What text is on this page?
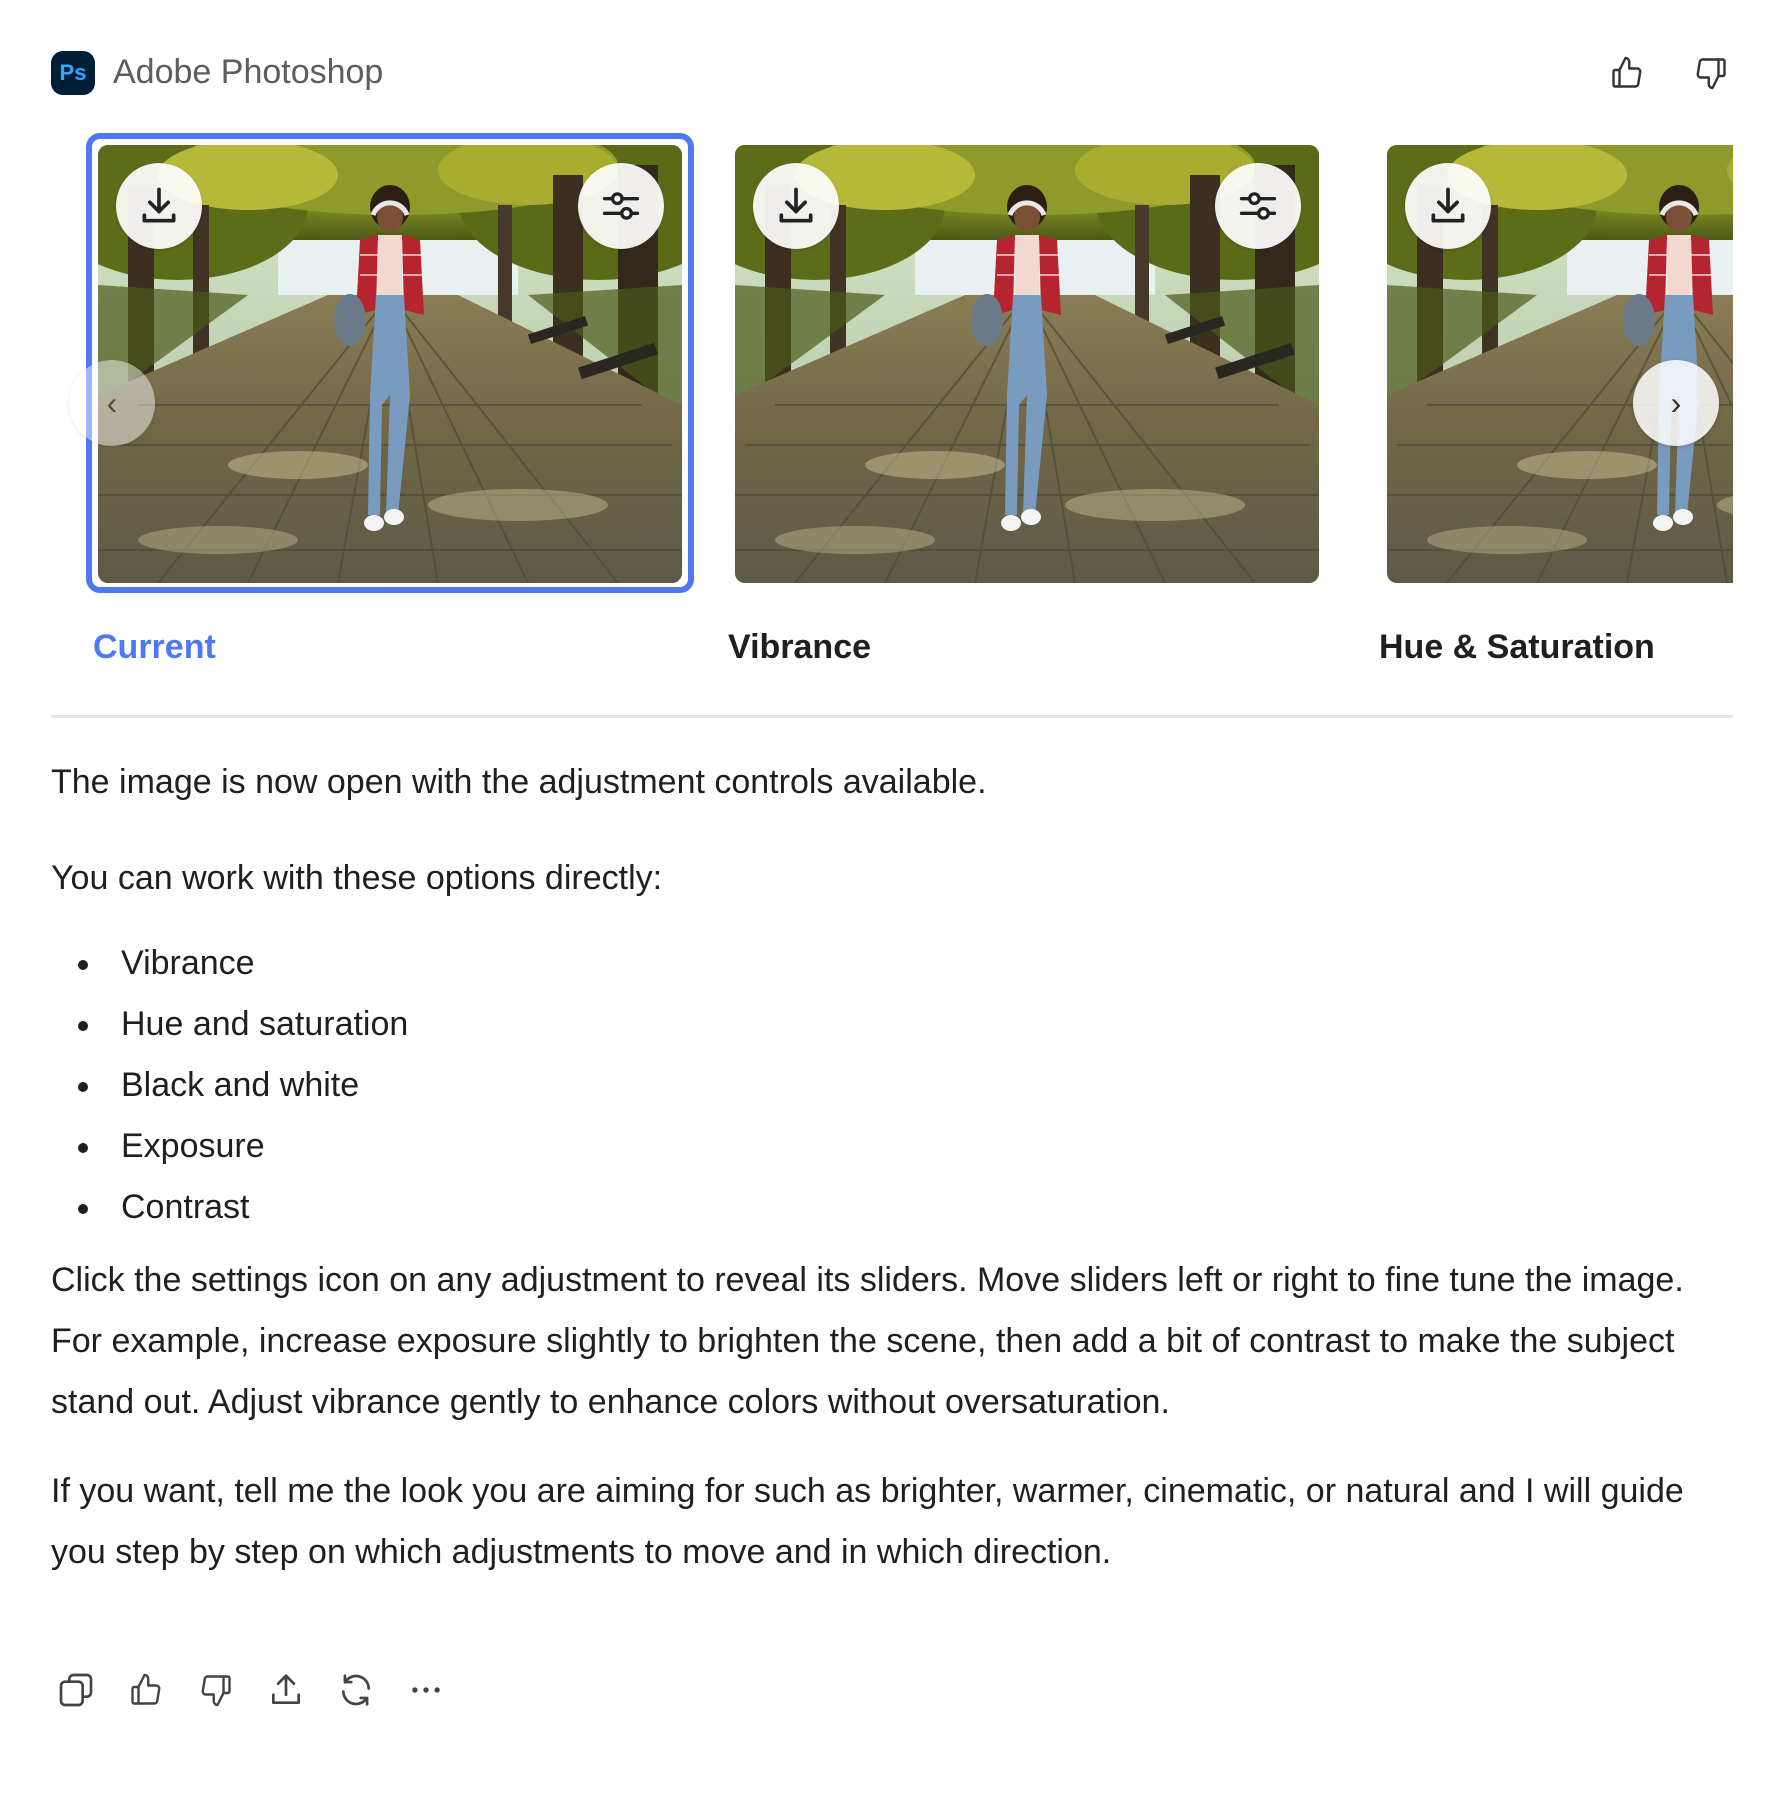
Ps Adobe Photoshop
Current	Vibrance	Hue & Saturation
‹	›

The image is now open with the adjustment controls available.

You can work with these options directly:

Vibrance
Hue and saturation
Black and white
Exposure
Contrast

Click the settings icon on any adjustment to reveal its sliders. Move sliders left or right to fine tune the image. For example, increase exposure slightly to brighten the scene, then add a bit of contrast to make the subject stand out. Adjust vibrance gently to enhance colors without oversaturation.

If you want, tell me the look you are aiming for such as brighter, warmer, cinematic, or natural and I will guide you step by step on which adjustments to move and in which direction.
